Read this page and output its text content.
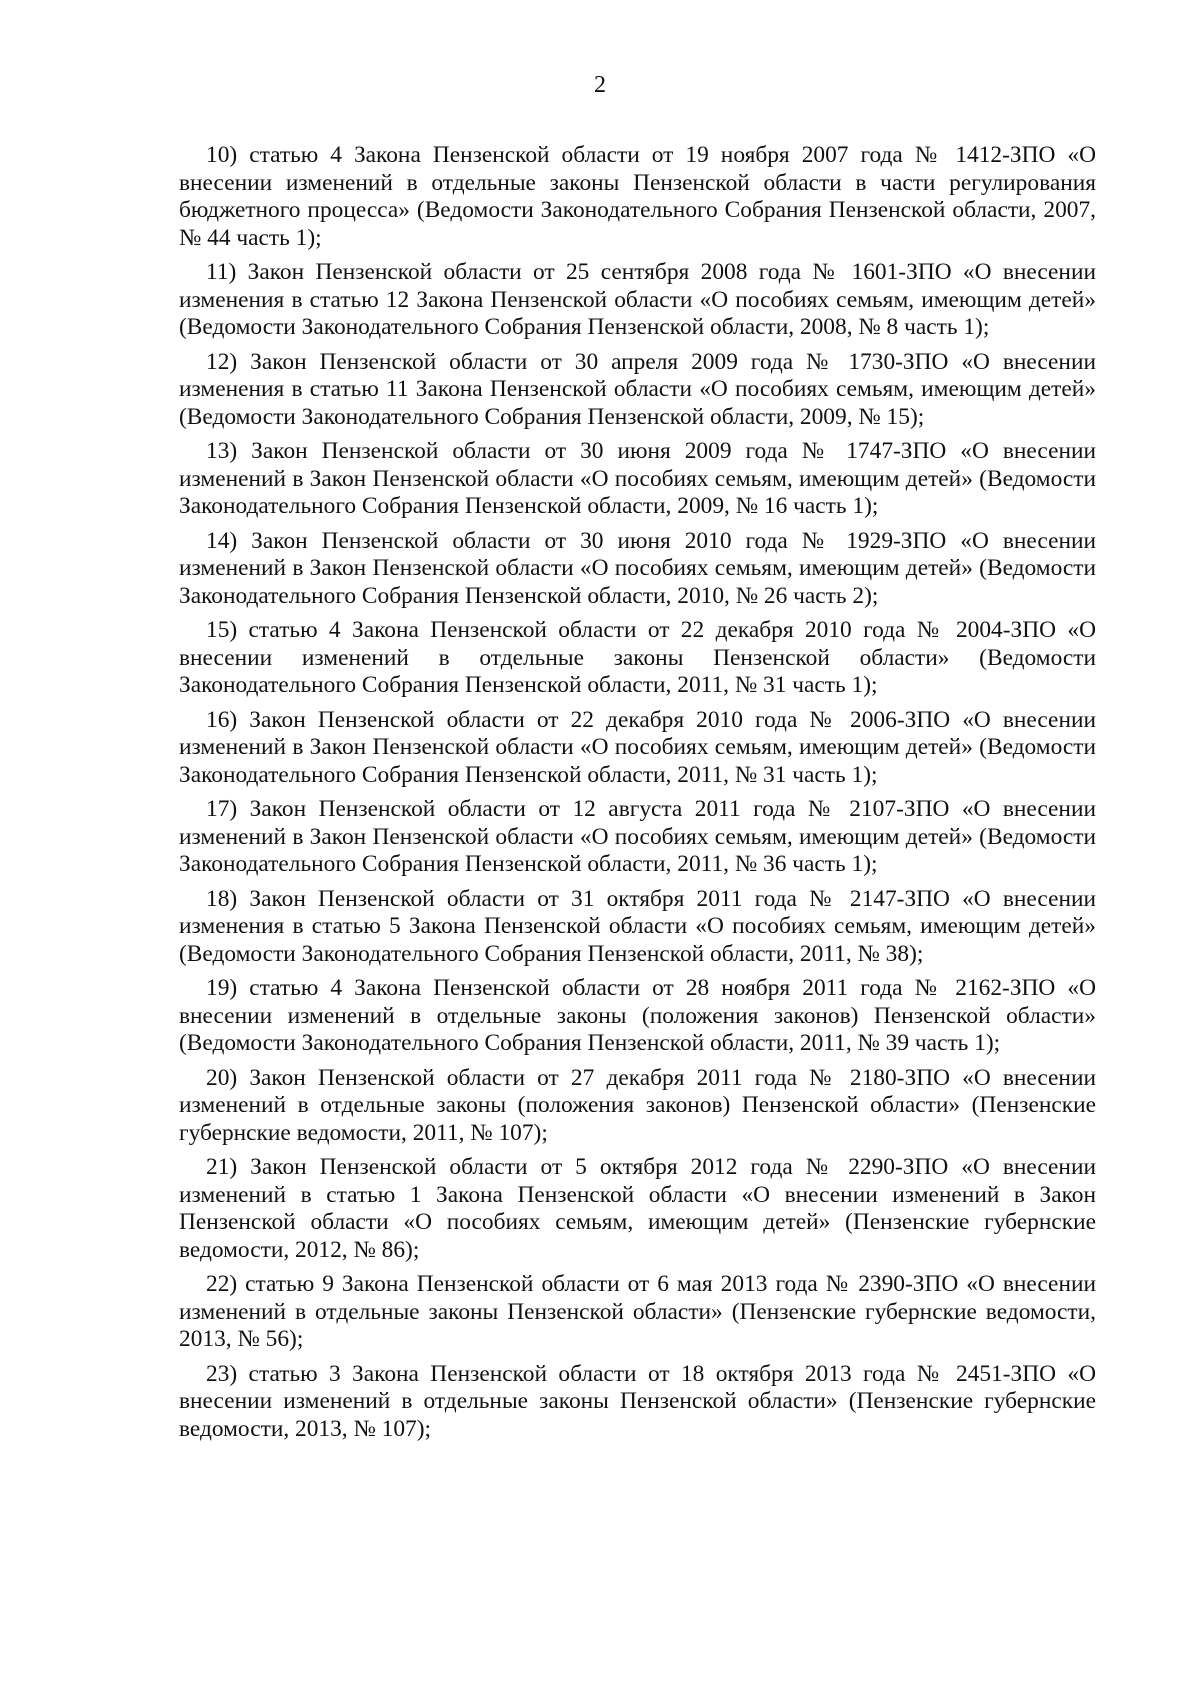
2

10) статью 4 Закона Пензенской области от 19 ноября 2007 года № 1412-ЗПО «О внесении изменений в отдельные законы Пензенской области в части регулирования бюджетного процесса» (Ведомости Законодательного Собрания Пензенской области, 2007, № 44 часть 1);

11) Закон Пензенской области от 25 сентября 2008 года № 1601-ЗПО «О внесении изменения в статью 12 Закона Пензенской области «О пособиях семьям, имеющим детей» (Ведомости Законодательного Собрания Пензенской области, 2008, № 8 часть 1);

12) Закон Пензенской области от 30 апреля 2009 года № 1730-ЗПО «О внесении изменения в статью 11 Закона Пензенской области «О пособиях семьям, имеющим детей» (Ведомости Законодательного Собрания Пензенской области, 2009, № 15);

13) Закон Пензенской области от 30 июня 2009 года № 1747-ЗПО «О внесении изменений в Закон Пензенской области «О пособиях семьям, имеющим детей» (Ведомости Законодательного Собрания Пензенской области, 2009, № 16 часть 1);

14) Закон Пензенской области от 30 июня 2010 года № 1929-ЗПО «О внесении изменений в Закон Пензенской области «О пособиях семьям, имеющим детей» (Ведомости Законодательного Собрания Пензенской области, 2010, № 26 часть 2);

15) статью 4 Закона Пензенской области от 22 декабря 2010 года № 2004-ЗПО «О внесении изменений в отдельные законы Пензенской области» (Ведомости Законодательного Собрания Пензенской области, 2011, № 31 часть 1);

16) Закон Пензенской области от 22 декабря 2010 года № 2006-ЗПО «О внесении изменений в Закон Пензенской области «О пособиях семьям, имеющим детей» (Ведомости Законодательного Собрания Пензенской области, 2011, № 31 часть 1);

17) Закон Пензенской области от 12 августа 2011 года № 2107-ЗПО «О внесении изменений в Закон Пензенской области «О пособиях семьям, имеющим детей» (Ведомости Законодательного Собрания Пензенской области, 2011, № 36 часть 1);

18) Закон Пензенской области от 31 октября 2011 года № 2147-ЗПО «О внесении изменения в статью 5 Закона Пензенской области «О пособиях семьям, имеющим детей» (Ведомости Законодательного Собрания Пензенской области, 2011, № 38);

19) статью 4 Закона Пензенской области от 28 ноября 2011 года № 2162-ЗПО «О внесении изменений в отдельные законы (положения законов) Пензенской области» (Ведомости Законодательного Собрания Пензенской области, 2011, № 39 часть 1);

20) Закон Пензенской области от 27 декабря 2011 года № 2180-ЗПО «О внесении изменений в отдельные законы (положения законов) Пензенской области» (Пензенские губернские ведомости, 2011, № 107);

21) Закон Пензенской области от 5 октября 2012 года № 2290-ЗПО «О внесении изменений в статью 1 Закона Пензенской области «О внесении изменений в Закон Пензенской области «О пособиях семьям, имеющим детей» (Пензенские губернские ведомости, 2012, № 86);

22) статью 9 Закона Пензенской области от 6 мая 2013 года № 2390-ЗПО «О внесении изменений в отдельные законы Пензенской области» (Пензенские губернские ведомости, 2013, № 56);

23) статью 3 Закона Пензенской области от 18 октября 2013 года № 2451-ЗПО «О внесении изменений в отдельные законы Пензенской области» (Пензенские губернские ведомости, 2013, № 107);
